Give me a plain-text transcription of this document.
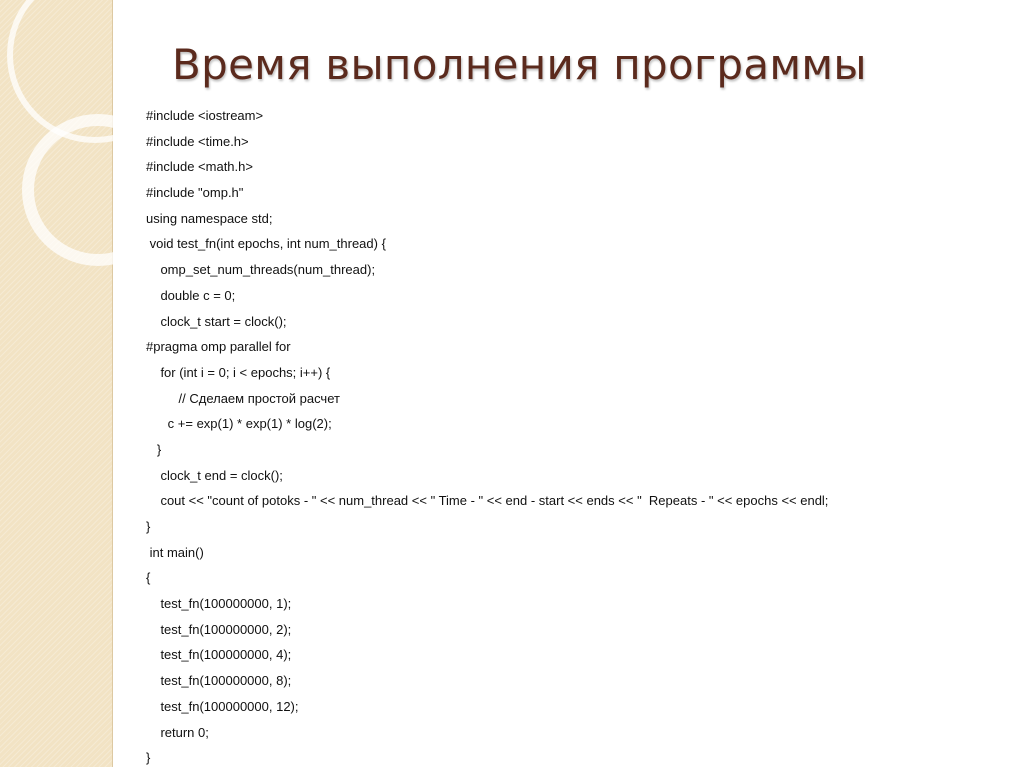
Время выполнения программы
#include <iostream>
#include <time.h>
#include <math.h>
#include "omp.h"
using namespace std;
void test_fn(int epochs, int num_thread) {
omp_set_num_threads(num_thread);
double c = 0;
clock_t start = clock();
#pragma omp parallel for
for (int i = 0; i < epochs; i++) {
// Сделаем простой расчет
c += exp(1) * exp(1) * log(2);
}
clock_t end = clock();
cout << "count of potoks - " << num_thread << " Time - " << end - start << ends << "  Repeats - " << epochs << endl;
}
int main()
{
test_fn(100000000, 1);
test_fn(100000000, 2);
test_fn(100000000, 4);
test_fn(100000000, 8);
test_fn(100000000, 12);
return 0;
}
